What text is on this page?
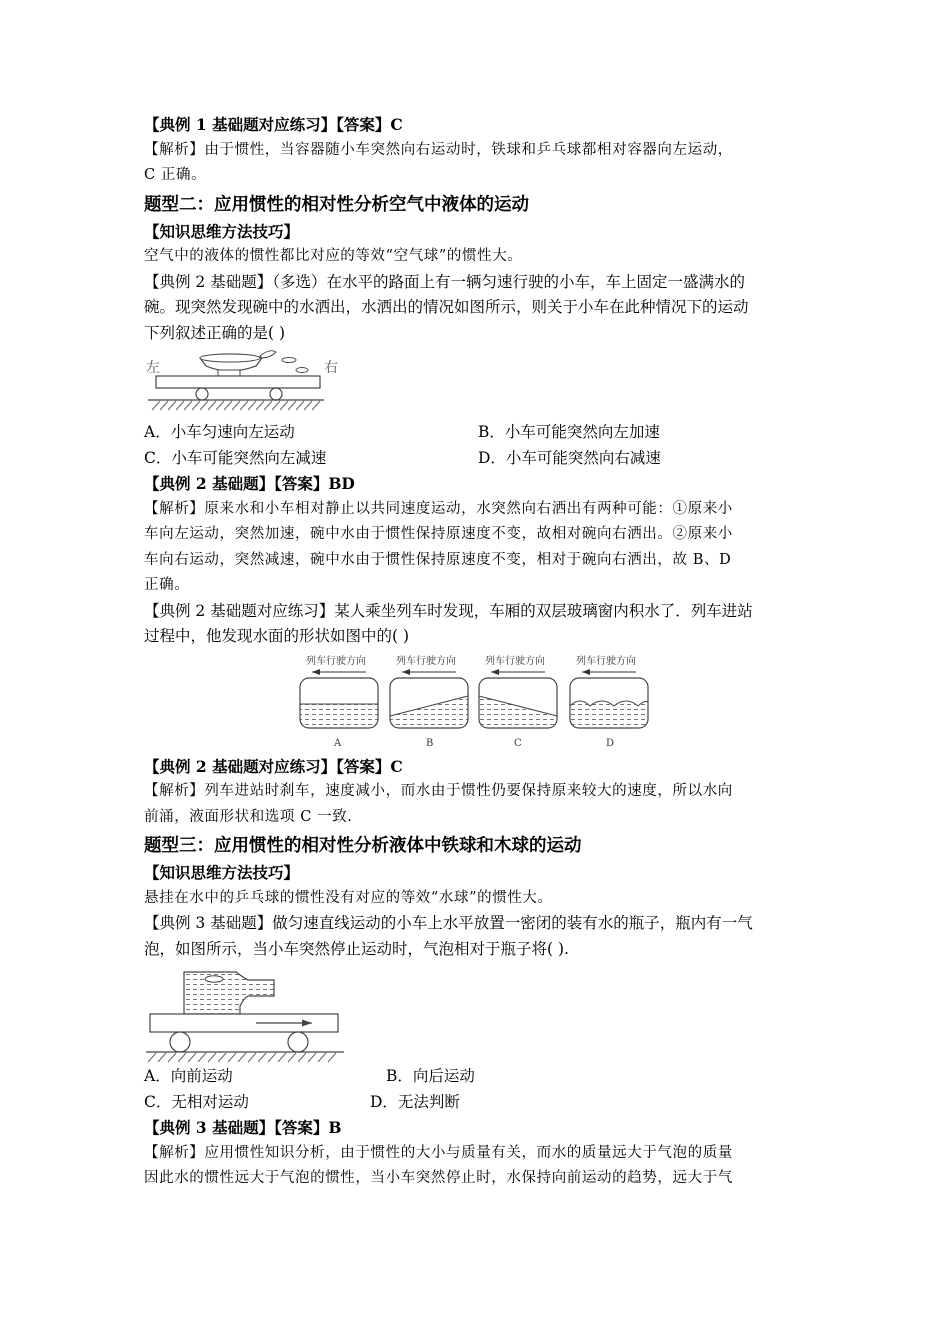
【典例 1 基础题对应练习】【答案】C
【解析】由于惯性，当容器随小车突然向右运动时，铁球和乒乓球都相对容器向左运动，
C 正确。
题型二：应用惯性的相对性分析空气中液体的运动
【知识思维方法技巧】
空气中的液体的惯性都比对应的等效“空气球”的惯性大。
【典例 2 基础题】（多选）在水平的路面上有一辆匀速行驶的小车，车上固定一盛满水的
碗。现突然发现碗中的水洒出，水洒出的情况如图所示，则关于小车在此种情况下的运动
下列叙述正确的是( )
左	右
A．小车匀速向左运动	B．小车可能突然向左加速
C．小车可能突然向左减速	D．小车可能突然向右减速
【典例 2 基础题】【答案】BD
【解析】原来水和小车相对静止以共同速度运动，水突然向右洒出有两种可能：①原来小
车向左运动，突然加速，碗中水由于惯性保持原速度不变，故相对碗向右洒出。②原来小
车向右运动，突然减速，碗中水由于惯性保持原速度不变，相对于碗向右洒出，故 B、D
正确。
【典例 2 基础题对应练习】某人乘坐列车时发现，车厢的双层玻璃窗内积水了．列车进站
过程中，他发现水面的形状如图中的( )
列车行驶方向
A
列车行驶方向
B
列车行驶方向
C
列车行驶方向
D
【典例 2 基础题对应练习】【答案】C
【解析】列车进站时刹车，速度减小，而水由于惯性仍要保持原来较大的速度，所以水向
前涌，液面形状和选项 C 一致.
题型三：应用惯性的相对性分析液体中铁球和木球的运动
【知识思维方法技巧】
悬挂在水中的乒乓球的惯性没有对应的等效“水球”的惯性大。
【典例 3 基础题】做匀速直线运动的小车上水平放置一密闭的装有水的瓶子，瓶内有一气
泡，如图所示，当小车突然停止运动时，气泡相对于瓶子将( ).
A．向前运动	B．向后运动
C．无相对运动	D．无法判断
【典例 3 基础题】【答案】B
【解析】应用惯性知识分析，由于惯性的大小与质量有关，而水的质量远大于气泡的质量
因此水的惯性远大于气泡的惯性，当小车突然停止时，水保持向前运动的趋势，远大于气
